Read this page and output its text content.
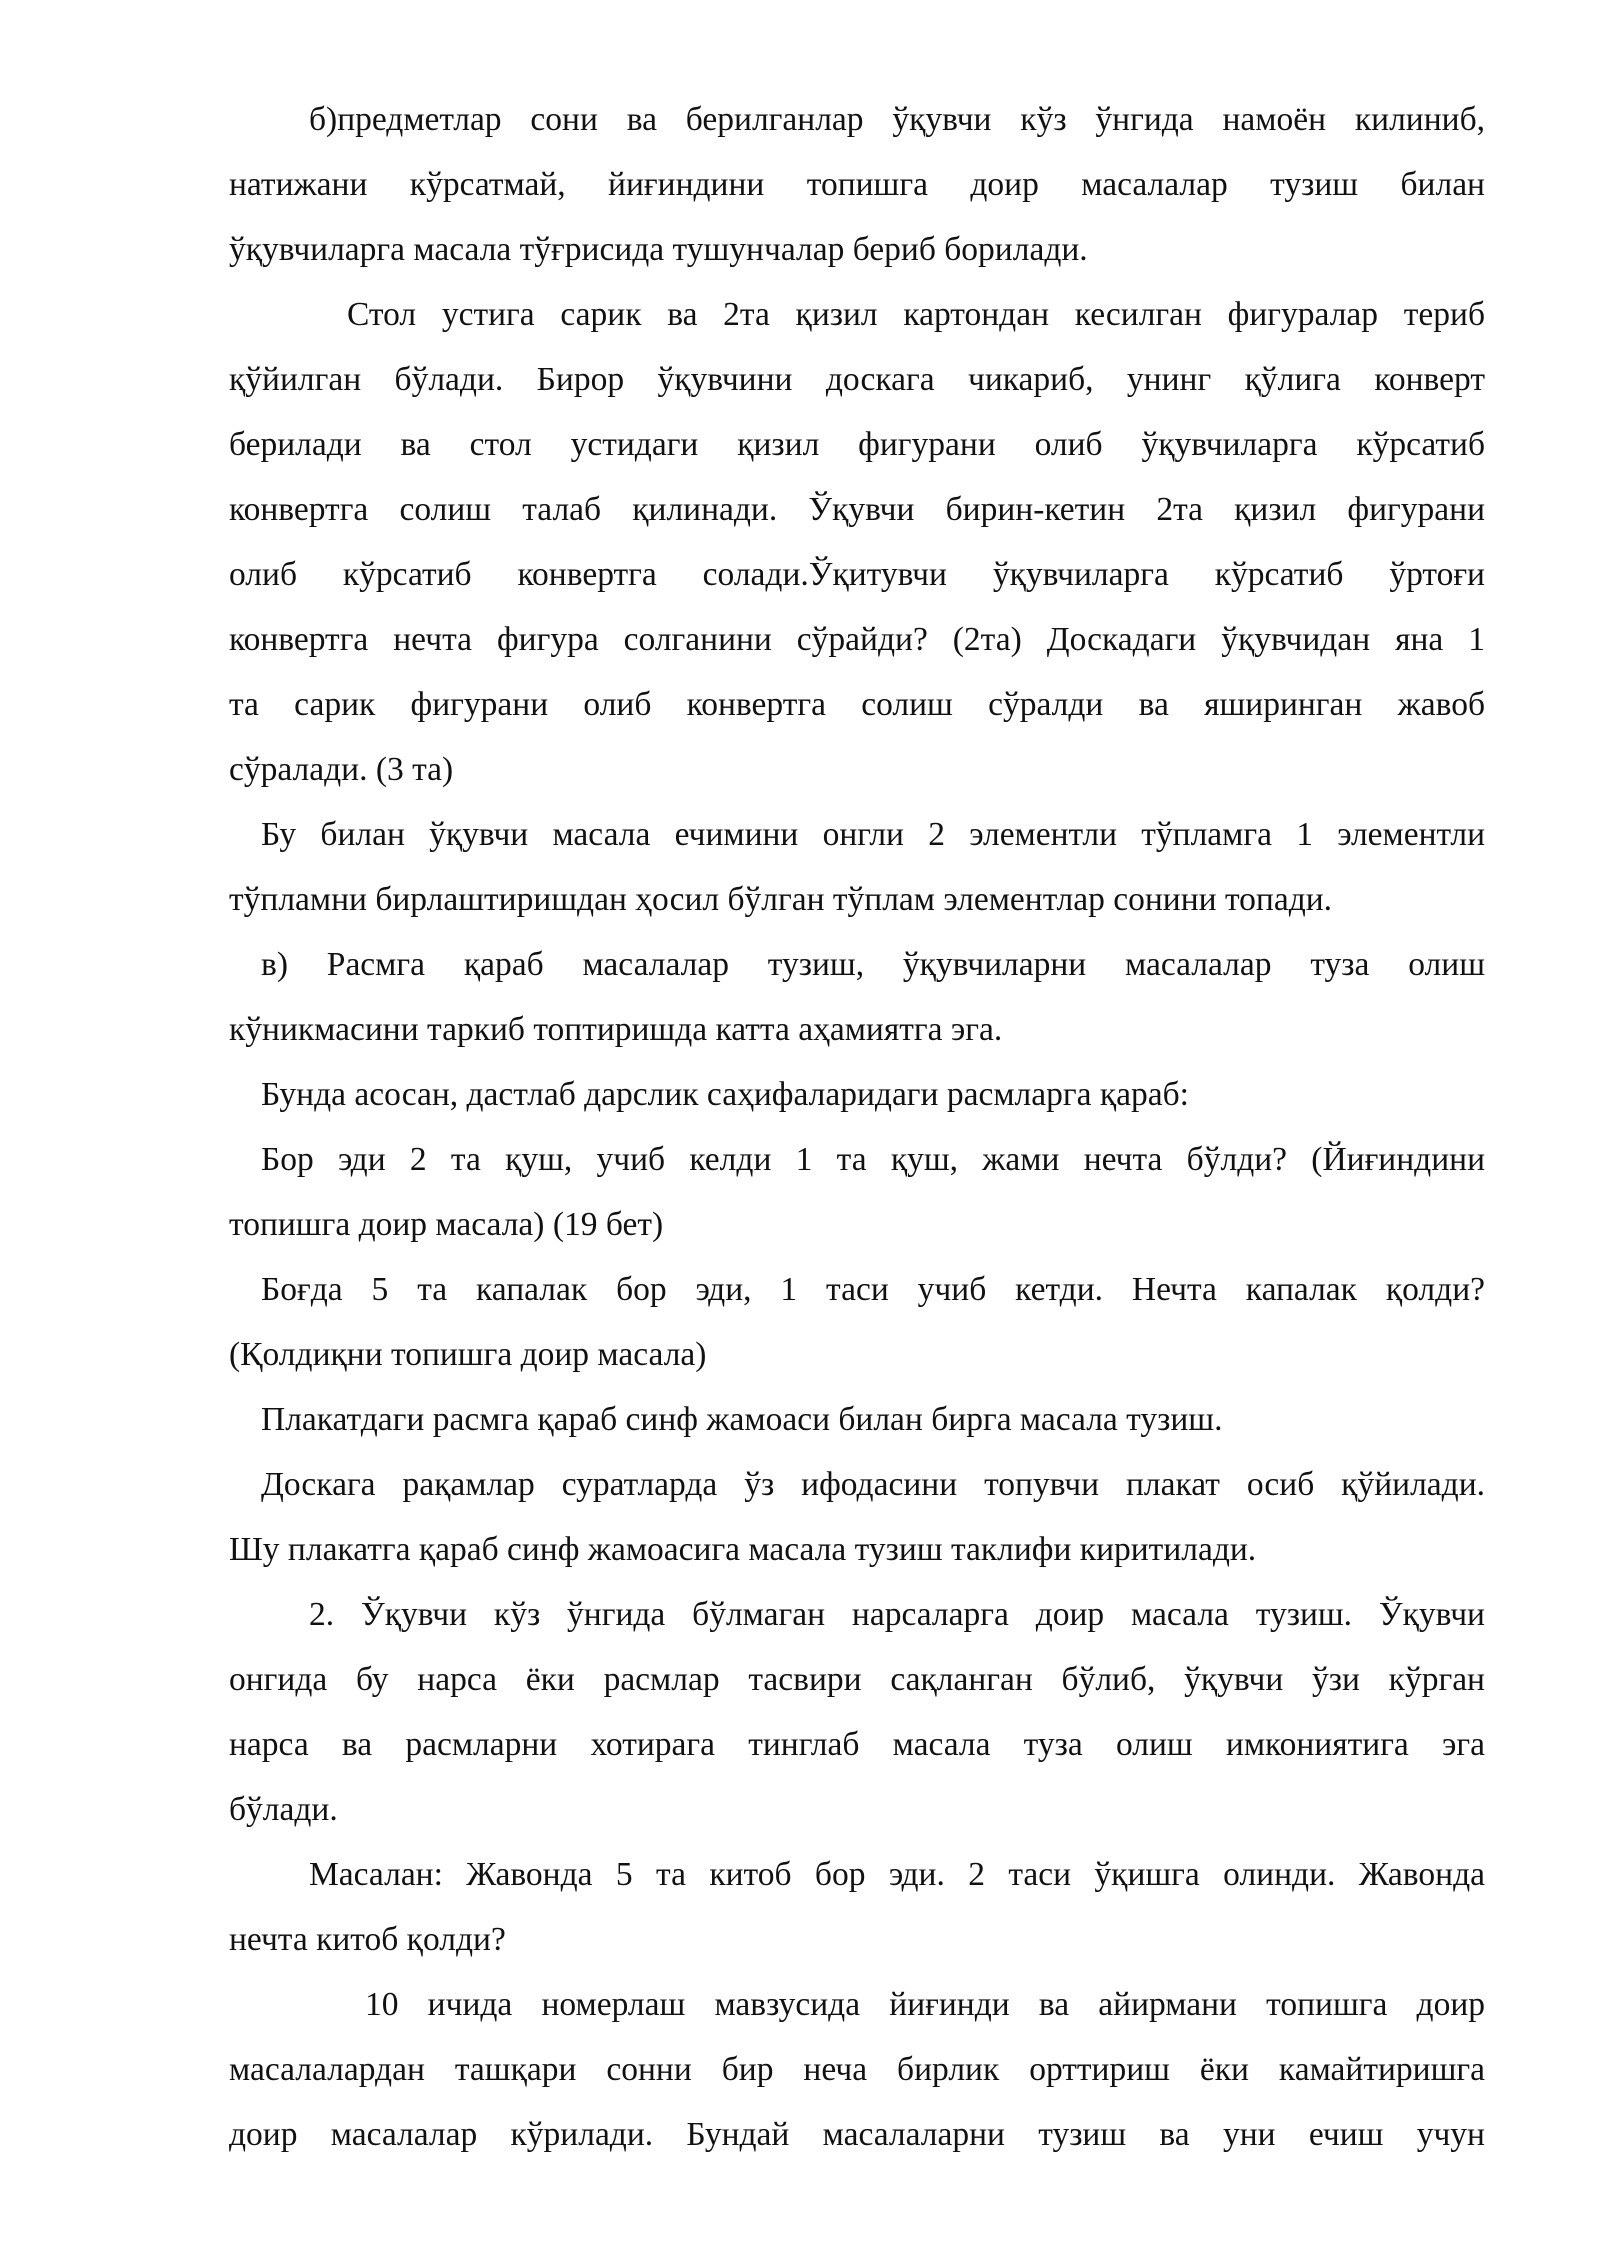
б)предметлар сони ва берилганлар ўқувчи кўз ўнгида намоён килиниб,

натижани кўрсатмай, йиғиндини топишга доир масалалар тузиш билан

ўқувчиларга масала тўғрисида тушунчалар бериб борилади.

Стол устига сарик ва 2та қизил картондан кесилган фигуралар териб

қўйилган бўлади. Бирор ўқувчини доскага чикариб, унинг қўлига конверт

берилади ва стол устидаги қизил фигурани олиб ўқувчиларга кўрсатиб

конвертга солиш талаб қилинади. Ўқувчи бирин-кетин 2та қизил фигурани

олиб кўрсатиб конвертга солади.Ўқитувчи ўқувчиларга кўрсатиб ўртоғи

конвертга нечта фигура солганини сўрайди? (2та) Доскадаги ўқувчидан яна 1

та сарик фигурани олиб конвертга солиш сўралди ва яширинган жавоб

сўралади. (3 та)

Бу билан ўқувчи масала ечимини онгли 2 элементли тўпламга 1 элементли

тўпламни бирлаштиришдан ҳосил бўлган тўплам элементлар сонини топади.

в) Расмга қараб масалалар тузиш, ўқувчиларни масалалар туза олиш

кўникмасини таркиб топтиришда катта аҳамиятга эга.

Бунда асосан, дастлаб дарслик саҳифаларидаги расмларга қараб:

Бор эди 2 та қуш, учиб келди 1 та қуш, жами нечта бўлди? (Йиғиндини

топишга доир масала) (19 бет)

Боғда 5 та капалак бор эди, 1 таси учиб кетди. Нечта капалак қолди?

(Қолдиқни топишга доир масала)

Плакатдаги расмга қараб синф жамоаси билан бирга масала тузиш.

Доскага рақамлар суратларда ўз ифодасини топувчи плакат осиб қўйилади.

Шу плакатга қараб синф жамоасига масала тузиш таклифи киритилади.

2. Ўқувчи кўз ўнгида бўлмаган нарсаларга доир масала тузиш. Ўқувчи

онгида бу нарса ёки расмлар тасвири сақланган бўлиб, ўқувчи ўзи кўрган

нарса ва расмларни хотирага тинглаб масала туза олиш имкониятига эга

бўлади.

Масалан: Жавонда 5 та китоб бор эди. 2 таси ўқишга олинди. Жавонда

нечта китоб қолди?

10 ичида номерлаш мавзусида йиғинди ва айирмани топишга доир

масалалардан ташқари сонни бир неча бирлик орттириш ёки камайтиришга

доир масалалар кўрилади. Бундай масалаларни тузиш ва уни ечиш учун
